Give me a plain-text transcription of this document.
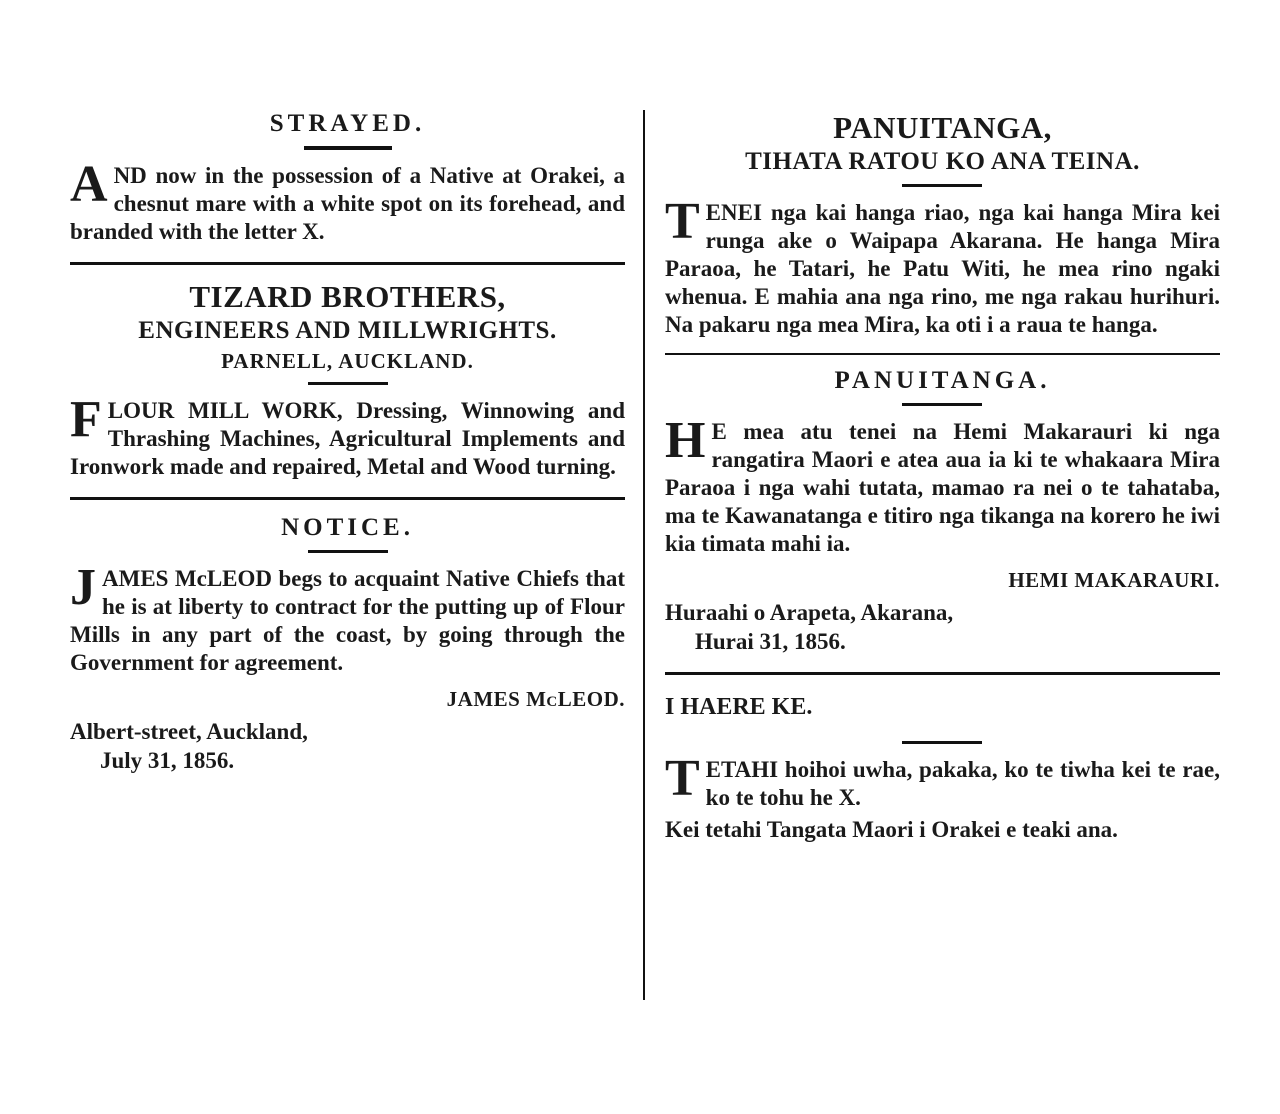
STRAYED.
AND now in the possession of a Native at Orakei, a chesnut mare with a white spot on its forehead, and branded with the letter X.
TIZARD BROTHERS,
ENGINEERS AND MILLWRIGHTS.
PARNELL, AUCKLAND.
FLOUR MILL WORK, Dressing, Winnowing and Thrashing Machines, Agricultural Implements and Ironwork made and repaired, Metal and Wood turning.
NOTICE.
JAMES McLEOD begs to acquaint Native Chiefs that he is at liberty to contract for the putting up of Flour Mills in any part of the coast, by going through the Government for agreement.
JAMES McLEOD.
Albert-street, Auckland,
July 31, 1856.
PANUITANGA,
TIHATA RATOU KO ANA TEINA.
TENEI nga kai hanga riao, nga kai hanga Mira kei runga ake o Waipapa Akarana. He hanga Mira Paraoa, he Tatari, he Patu Witi, he mea rino ngaki whenua. E mahia ana nga rino, me nga rakau hurihuri. Na pakaru nga mea Mira, ka oti i a raua te hanga.
PANUITANGA.
H E mea atu tenei na Hemi Makarauri ki nga rangatira Maori e atea aua ia ki te whakaara Mira Paraoa i nga wahi tutata, mamao ra nei o te tahataba, ma te Kawanatanga e titiro nga tikanga na korero he iwi kia timata mahi ia.
HEMI MAKARAURI.
Huraahi o Arapeta, Akarana,
Hurai 31, 1856.
I HAERE KE.
TETAHI hoihoi uwha, pakaka, ko te tiwha kei te rae, ko te tohu he X.

Kei tetahi Tangata Maori i Orakei e teaki ana.
